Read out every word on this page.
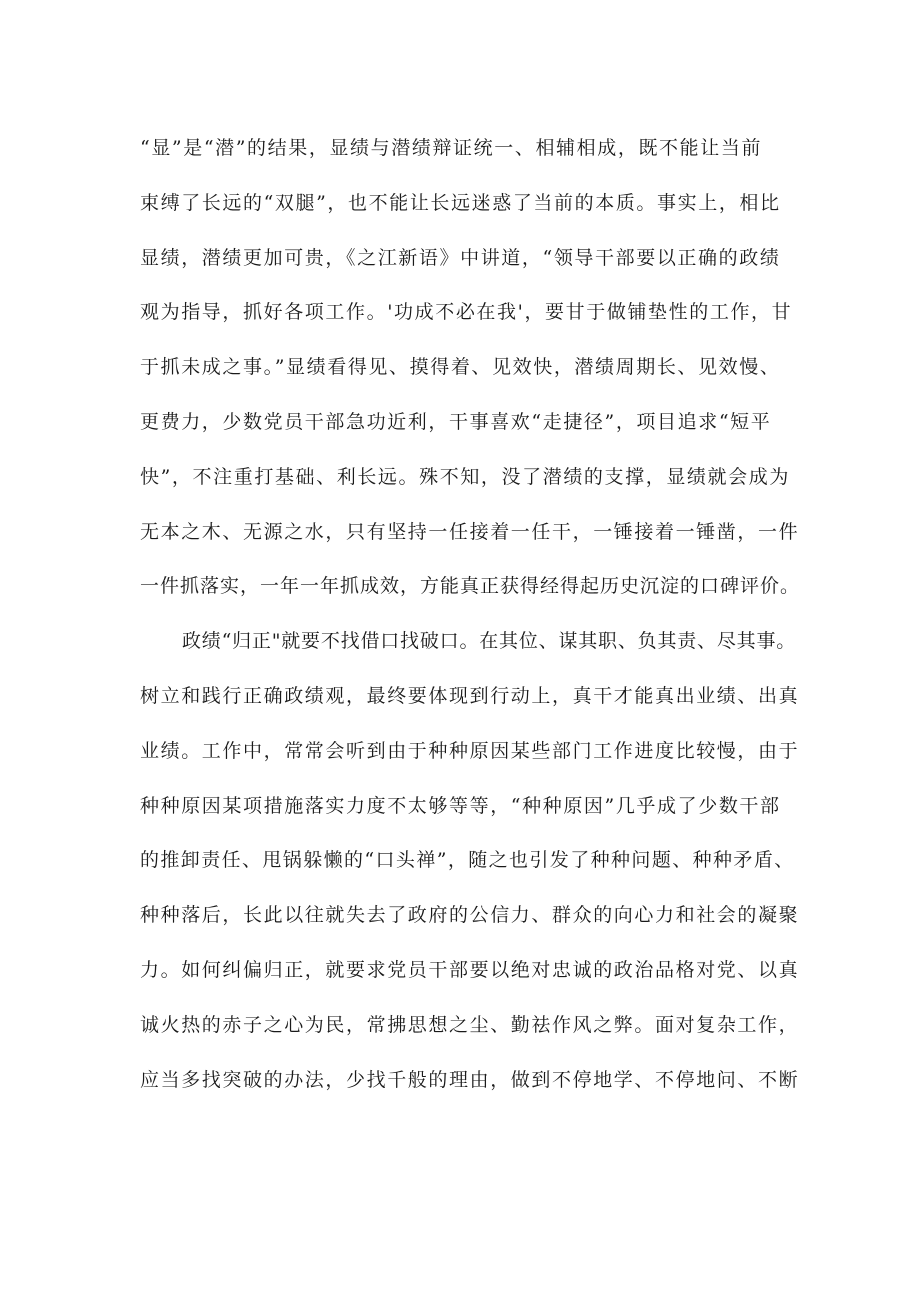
“显”是“潜”的结果，显绩与潜绩辩证统一、相辅相成，既不能让当前
束缚了长远的“双腿”，也不能让长远迷惑了当前的本质。事实上，相比
显绩，潜绩更加可贵，《之江新语》中讲道，“领导干部要以正确的政绩
观为指导，抓好各项工作。'功成不必在我'，要甘于做铺垫性的工作，甘
于抓未成之事。”显绩看得见、摸得着、见效快，潜绩周期长、见效慢、
更费力，少数党员干部急功近利，干事喜欢“走捷径”，项目追求“短平
快”，不注重打基础、利长远。殊不知，没了潜绩的支撑，显绩就会成为
无本之木、无源之水，只有坚持一任接着一任干，一锤接着一锤凿，一件
一件抓落实，一年一年抓成效，方能真正获得经得起历史沉淀的口碑评价。
政绩“归正"就要不找借口找破口。在其位、谋其职、负其责、尽其事。
树立和践行正确政绩观，最终要体现到行动上，真干才能真出业绩、出真
业绩。工作中，常常会听到由于种种原因某些部门工作进度比较慢，由于
种种原因某项措施落实力度不太够等等，“种种原因”几乎成了少数干部
的推卸责任、甩锅躲懒的“口头禅”，随之也引发了种种问题、种种矛盾、
种种落后，长此以往就失去了政府的公信力、群众的向心力和社会的凝聚
力。如何纠偏归正，就要求党员干部要以绝对忠诚的政治品格对党、以真
诚火热的赤子之心为民，常拂思想之尘、勤祛作风之弊。面对复杂工作，
应当多找突破的办法，少找千般的理由，做到不停地学、不停地问、不断
